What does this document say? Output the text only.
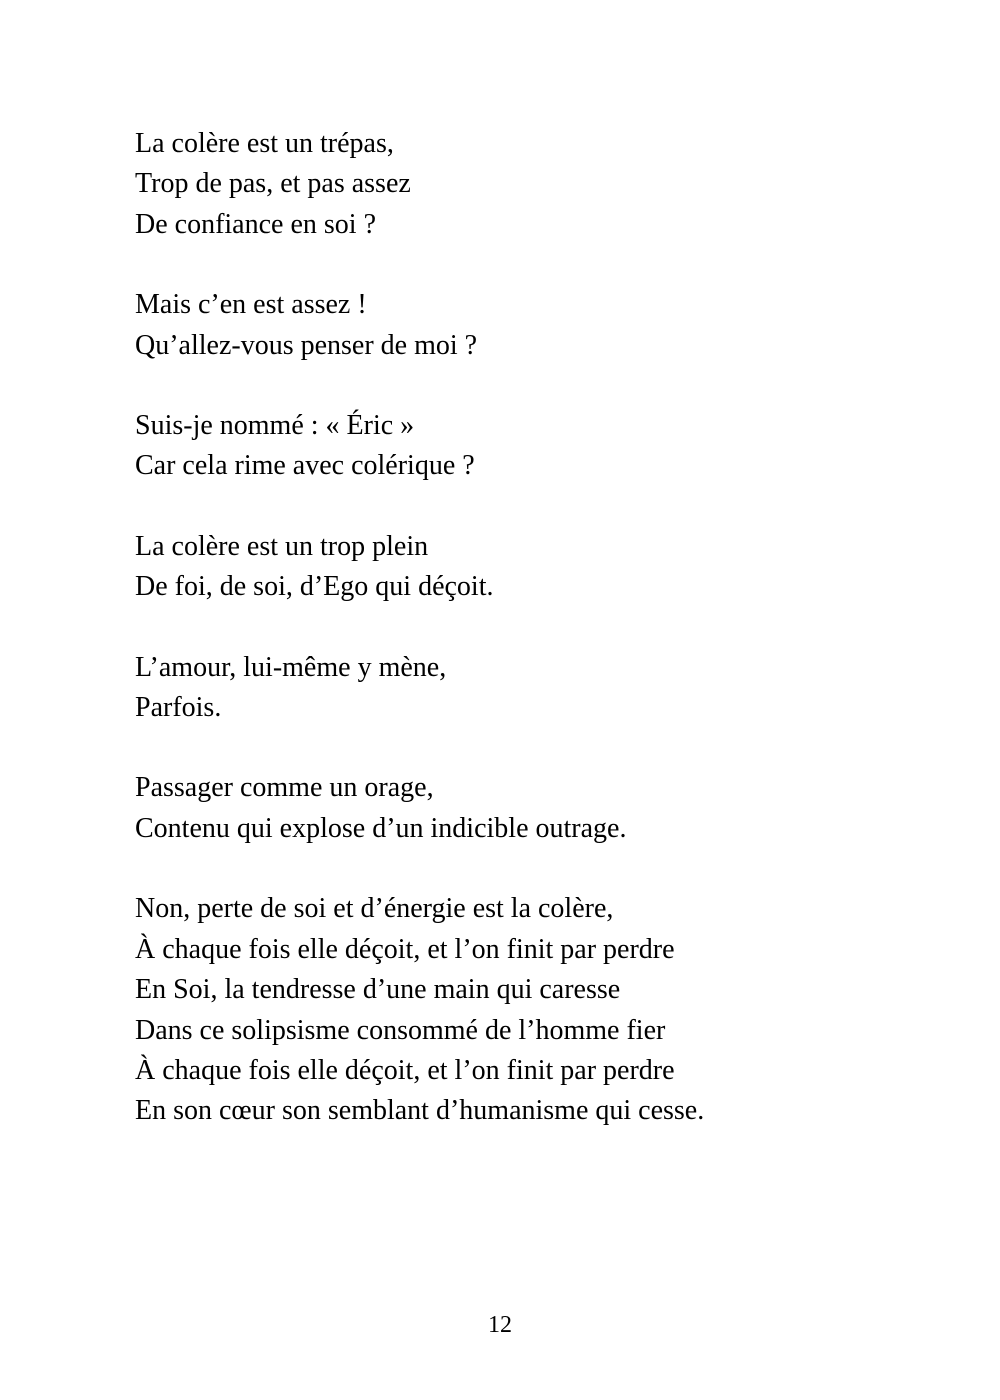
La colère est un trépas,
Trop de pas, et pas assez
De confiance en soi ?
Mais c’en est assez !
Qu’allez-vous penser de moi ?
Suis-je nommé : « Éric »
Car cela rime avec colérique ?
La colère est un trop plein
De foi, de soi, d’Ego qui déçoit.
L’amour, lui-même y mène,
Parfois.
Passager comme un orage,
Contenu qui explose d’un indicible outrage.
Non, perte de soi et d’énergie est la colère,
À chaque fois elle déçoit, et l’on finit par perdre
En Soi, la tendresse d’une main qui caresse
Dans ce solipsisme consommé de l’homme fier
À chaque fois elle déçoit, et l’on finit par perdre
En son cœur son semblant d’humanisme qui cesse.
12
